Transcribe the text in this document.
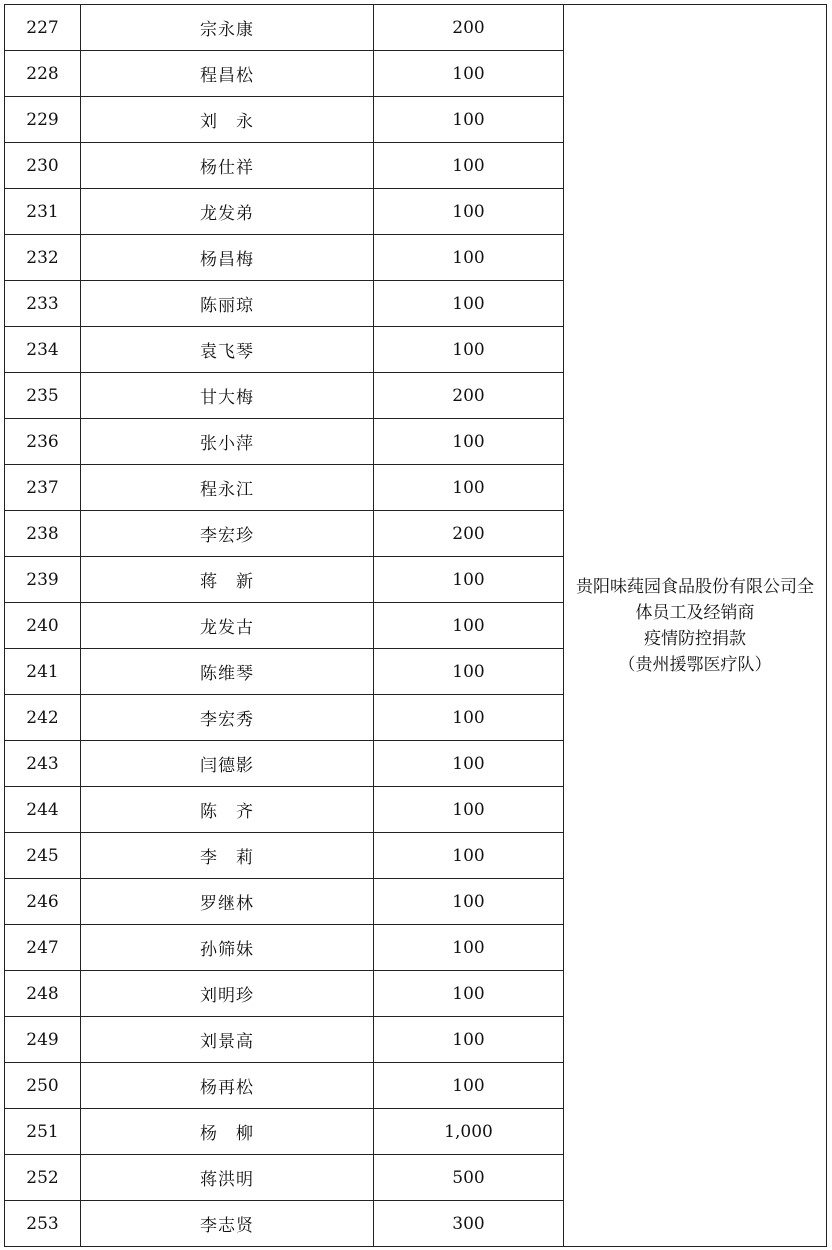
227	宗永康	200	贵阳味莼园食品股份有限公司全
体员工及经销商
疫情防控捐款
（贵州援鄂医疗队）

228	程昌松	100	
229	刘　永	100	
230	杨仕祥	100	
231	龙发弟	100	
232	杨昌梅	100	
233	陈丽琼	100	
234	袁飞琴	100	
235	甘大梅	200	
236	张小萍	100	
237	程永江	100	
238	李宏珍	200	
239	蒋　新	100	
240	龙发古	100	
241	陈维琴	100	
242	李宏秀	100	
243	闫德影	100	
244	陈　齐	100	
245	李　莉	100	
246	罗继林	100	
247	孙筛妹	100	
248	刘明珍	100	
249	刘景高	100	
250	杨再松	100	
251	杨　柳	1,000	
252	蒋洪明	500	
253	李志贤	300	
